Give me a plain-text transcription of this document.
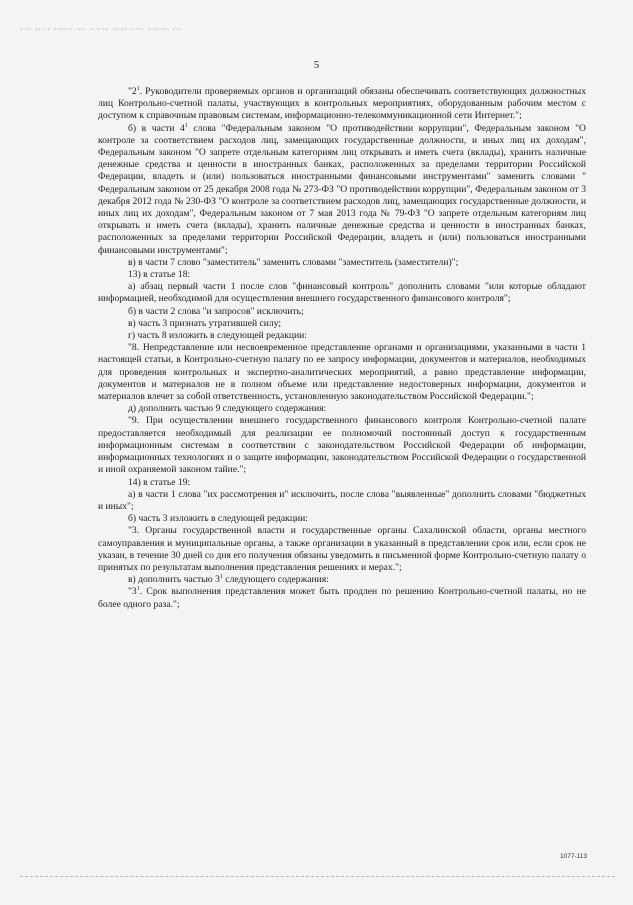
▪▫▪▫ ▪▪▫▫▪ ▪▫▪▪▫▪ ▫▪▪▫ ▪▫▪▫▪▪ ▫▪▫▪▪ ▪▫▪▪▫ ▪▫▪▫▪▪▫ ▪▫▪
5

"$2^1$. Руководители проверяемых органов и организаций обязаны обеспечивать соответствующих должностных лиц Контрольно-счетной палаты, участвующих в контрольных мероприятиях, оборудованным рабочим местом с доступом к справочным правовым системам, информационно-телекоммуникационной сети Интернет.";

б) в части $4^1$ слова "Федеральным законом "О противодействии коррупции", Федеральным законом "О контроле за соответствием расходов лиц, замещающих государственные должности, и иных лиц их доходам", Федеральным законом "О запрете отдельным категориям лиц открывать и иметь счета (вклады), хранить наличные денежные средства и ценности в иностранных банках, расположенных за пределами территории Российской Федерации, владеть и (или) пользоваться иностранными финансовыми инструментами" заменить словами " Федеральным законом от 25 декабря 2008 года № 273-ФЗ "О противодействии коррупции", Федеральным законом от 3 декабря 2012 года № 230-ФЗ "О контроле за соответствием расходов лиц, замещающих государственные должности, и иных лиц их доходам", Федеральным законом от 7 мая 2013 года № 79-ФЗ "О запрете отдельным категориям лиц открывать и иметь счета (вклады), хранить наличные денежные средства и ценности в иностранных банках, расположенных за пределами территории Российской Федерации, владеть и (или) пользоваться иностранными финансовыми инструментами";

в) в части 7 слово "заместитель" заменить словами "заместитель (заместители)";

13) в статье 18:

а) абзац первый части 1 после слов "финансовый контроль" дополнить словами "или которые обладают информацией, необходимой для осуществления внешнего государственного финансового контроля";

б) в части 2 слова "и запросов" исключить;

в) часть 3 признать утратившей силу;

г) часть 8 изложить в следующей редакции:

"8. Непредставление или несвоевременное представление органами и организациями, указанными в части 1 настоящей статьи, в Контрольно-счетную палату по ее запросу информации, документов и материалов, необходимых для проведения контрольных и экспертно-аналитических мероприятий, а равно представление информации, документов и материалов не в полном объеме или представление недостоверных информации, документов и материалов влечет за собой ответственность, установленную законодательством Российской Федерации.";

д) дополнить частью 9 следующего содержания:

"9. При осуществлении внешнего государственного финансового контроля Контрольно-счетной палате предоставляется необходимый для реализации ее полномочий постоянный доступ к государственным информационным системам в соответствии с законодательством Российской Федерации об информации, информационных технологиях и о защите информации, законодательством Российской Федерации о государственной и иной охраняемой законом тайне.";

14) в статье 19:

а) в части 1 слова "их рассмотрения и" исключить, после слова "выявленные" дополнить словами "бюджетных и иных";

б) часть 3 изложить в следующей редакции:

"3. Органы государственной власти и государственные органы Сахалинской области, органы местного самоуправления и муниципальные органы, а также организации в указанный в представлении срок или, если срок не указан, в течение 30 дней со дня его получения обязаны уведомить в письменной форме Контрольно-счетную палату о принятых по результатам выполнения представления решениях и мерах.";

в) дополнить частью $3^1$ следующего содержания:

"$3^1$. Срок выполнения представления может быть продлен по решению Контрольно-счетной палаты, но не более одного раза.";

1077-113
